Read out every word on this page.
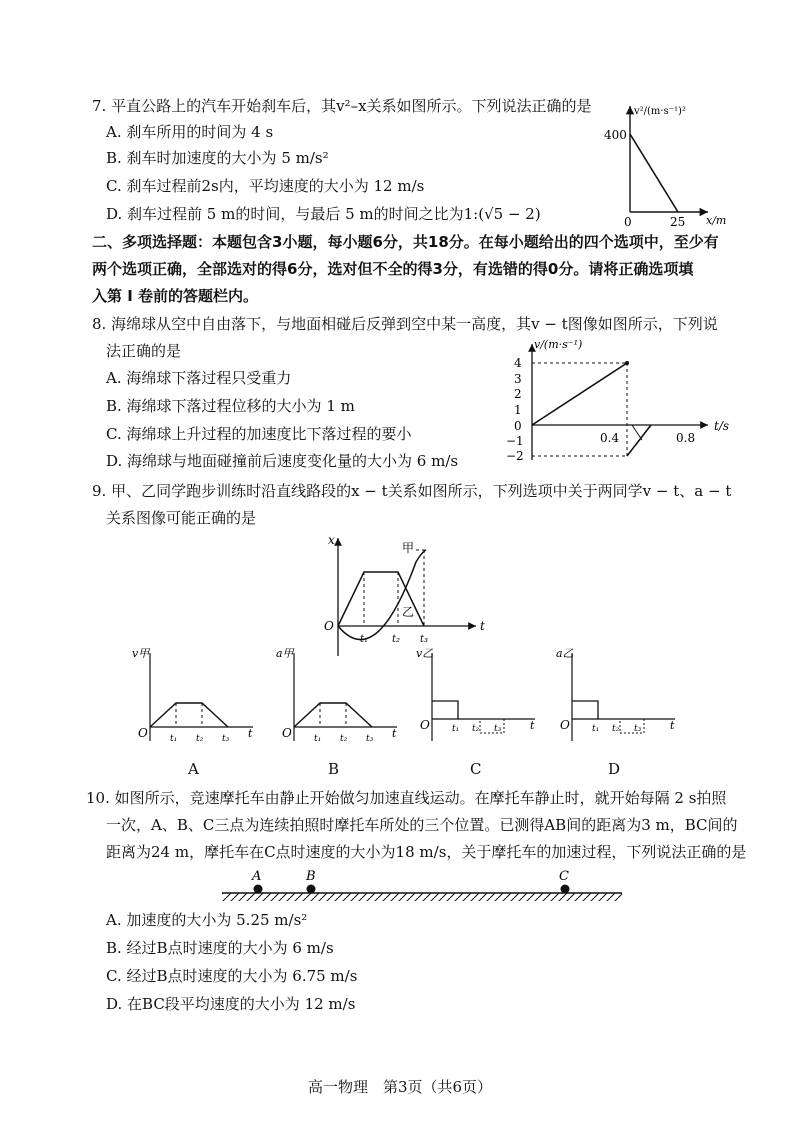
7. 平直公路上的汽车开始刹车后，其v²–x关系如图所示。下列说法正确的是
A. 刹车所用的时间为 4 s
B. 刹车时加速度的大小为 5 m/s²
C. 刹车过程前2s内，平均速度的大小为 12 m/s
D. 刹车过程前 5 m的时间，与最后 5 m的时间之比为1:(√5 − 2)
v²/(m·s⁻¹)²
400
0	25 x/m
二、多项选择题：本题包含3小题，每小题6分，共18分。在每小题给出的四个选项中，至少有
两个选项正确，全部选对的得6分，选对但不全的得3分，有选错的得0分。请将正确选项填
入第 I 卷前的答题栏内。
8. 海绵球从空中自由落下，与地面相碰后反弹到空中某一高度，其v − t图像如图所示，下列说
法正确的是
A. 海绵球下落过程只受重力
B. 海绵球下落过程位移的大小为 1 m
C. 海绵球上升过程的加速度比下落过程的要小
D. 海绵球与地面碰撞前后速度变化量的大小为 6 m/s
v/(m·s⁻¹)
4
3
2
1
0
−1
−2
0.4	0.8
t/s
9. 甲、乙同学跑步训练时沿直线路段的x − t关系如图所示，下列选项中关于两同学v − t、a − t
关系图像可能正确的是
x
O	t
甲
乙
t₁ t₂ t₃
v甲
O t₁ t₂ t₃ t
a甲
O t₁ t₂ t₃ t
v乙
O t₁ t₂ t₃	t
a乙
O t₁ t₂ t₃	t
A	B	C	D
10. 如图所示，竞速摩托车由静止开始做匀加速直线运动。在摩托车静止时，就开始每隔 2 s拍照
一次，A、B、C三点为连续拍照时摩托车所处的三个位置。已测得AB间的距离为3 m，BC间的
距离为24 m，摩托车在C点时速度的大小为18 m/s，关于摩托车的加速过程，下列说法正确的是
A	B	C
A. 加速度的大小为 5.25 m/s²
B. 经过B点时速度的大小为 6 m/s
C. 经过B点时速度的大小为 6.75 m/s
D. 在BC段平均速度的大小为 12 m/s
高一物理　第3页（共6页）
